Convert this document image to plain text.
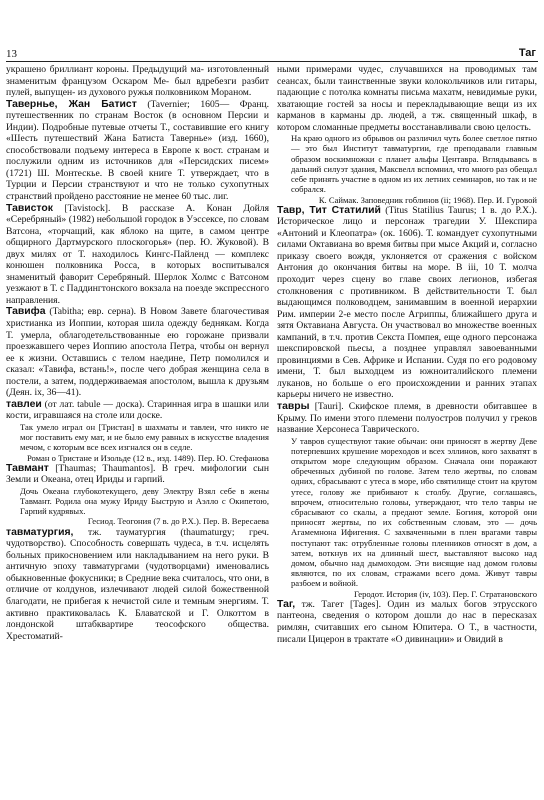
13	Таг

украшено бриллиант короны. Предыдущий ма- изготовленный знаменитым французом Оскаром Ме- был вдребезги разбит пулей, выпущен- из духового ружья полковником Мораном.

Тавернье, Жан Батист (Tavernier; 1605— Франц. путешественник по странам Восток (в основном Персии и Индии). Подробные путевые отчеты Т., составившие его книгу «Шесть путешествий Жана Батиста Тавернье» (изд. 1660), способствовали подъему интереса в Европе к вост. странам и послужили одним из источников для «Персидских писем» (1721) Ш. Монтескье. В своей книге Т. утверждает, что в Турции и Персии странствуют и что не только сухопутных странствий пройдено расстояние не менее 60 тыс. лиг.

Тависток [Tavistock]. В рассказе А. Конан Дойля «Серебряный» (1982) небольшой городок в Уэссексе, по словам Ватсона, «торчащий, как яблоко на щите, в самом центре общирного Дартмурского плоскогорья» (пер. Ю. Жуковой). В двух милях от Т. находилось Кингс-Пайленд — комплекс конюшен полковника Росса, в которых воспитывался знаменитый фаворит Серебряный. Шерлок Холмс с Ватсоном уезжают в Т. с Паддингтонского вокзала на поезде экспрессного направления.

Тавифа (Tabitha; евр. серна). В Новом Завете благочестивая христианка из Иоппии, которая шила одежду беднякам. Когда Т. умерла, облагодетельствованные ею горожане призвали проезжавшего через Иоппию апостола Петра, чтобы он вернул ее к жизни. Оставшись с телом наедине, Петр помолился и сказал: «Тавифа, встань!», после чего добрая женщина села в постели, а затем, поддерживаемая апостолом, вышла к друзьям (Деян. ix, 36—41).

тавлеи (от лат. tabule — доска). Старинная игра в шашки или кости, игравшаяся на столе или доске.

Так умело играл он [Тристан] в шахматы и тавлеи, что никто не мог поставить ему мат, и не было ему равных в искусстве владения мечом, с которым все всех изгнался он в седле.

Роман о Тристане и Изольде (12 в., изд. 1489). Пер. Ю. Стефанова

Тавмант [Thaumas; Thaumantos]. В греч. мифологии сын Земли и Океана, отец Ириды и гарпий.

Дочь Океана глубокотекущего, деву Электру Взял себе в жены Тавмант. Родила она мужу Ириду Быструю и Аэлло с Окипетою, Гарпий кудрявых.

Гесиод. Теогония (7 в. до Р.Х.). Пер. В. Вересаева

тавматургия, тж. тауматургия (thaumaturgy; греч. чудотворство). Способность совершать чудеса, в т.ч. исцелять больных прикосновением или накладыванием на него руки. В античную эпоху тавматургами (чудотворцами) именовались обыкновенные фокусники; в Средние века считалось, что они, в отличие от колдунов, излечивают людей силой божественной благодати, не прибегая к нечистой силе и темным энергиям. Т. активно практиковалась К. Блаватской и Г. Олкоттом в лондонской штабквартире теософского общества. Хрестоматий-

ными примерами чудес, случавшихся на проводимых там сеансах, были таинственные звуки колокольчиков или гитары, падающие с потолка комнаты письма махатм, невидимые руки, хватающие гостей за носы и перекладывающие вещи из их карманов в карманы др. людей, а тж. священный шкаф, в котором сломанные предметы восстанавливали свою целость.

На краю одного из обрывов он различил чуть более светлое пятно — это был Институт тавматургии, где преподавали главным образом воскимножки с планет альфы Центавра. Вглядываясь в дальний силуэт здания, Максвелл вспомнил, что много раз обещал себе принять участие в одном из их летних семинаров, но так и не собрался.

К. Саймак. Заповедник гоблинов (ii; 1968). Пер. И. Гуровой

Тавр, Тит Статилий (Titus Statilius Taurus; 1 в. до Р.Х.). Историческое лицо и персонаж трагедии У. Шекспира «Антоний и Клеопатра» (ок. 1606). Т. командует сухопутными силами Октавиана во время битвы при мысе Акций и, согласно приказу своего вождя, уклоняется от сражения с войском Антония до окончания битвы на море. В iii, 10 Т. молча проходит через сцену во главе своих легионов, избегая столкновения с противником. В действительности Т. был выдающимся полководцем, занимавшим в военной иерархии Рим. империи 2-е место после Агриппы, ближайшего друга и зятя Октавиана Августа. Он участвовал во множестве военных кампаний, в т.ч. против Секста Помпея, еще одного персонажа шекспировской пьесы, а позднее управлял завоеванными провинциями в Сев. Африке и Испании. Судя по его родовому имени, Т. был выходцем из южноиталийского племени луканов, но больше о его происхождении и ранних этапах карьеры ничего не известно.

тавры [Tauri]. Скифское племя, в древности обитавшее в Крыму. По имени этого племени полуостров получил у греков название Херсонеса Таврического.

У тавров существуют такие обычаи: они приносят в жертву Деве потерпевших крушение мореходов и всех эллинов, кого захватят в открытом море следующим образом. Сначала они поражают обреченных дубиной по голове. Затем тело жертвы, по словам одних, сбрасывают с утеса в море, ибо святилище стоит на крутом утесе, голову же прибивают к столбу. Другие, соглашаясь, впрочем, относительно головы, утверждают, что тело тавры не сбрасывают со скалы, а предают земле. Богиня, которой они приносят жертвы, по их собственным словам, это — дочь Агамемнона Ифигения. С захваченными в плен врагами тавры поступают так: отрубленные головы пленников относят в дом, а затем, воткнув их на длинный шест, выставляют высоко над домом, обычно над дымоходом. Эти висящие над домом головы являются, по их словам, стражами всего дома. Живут тавры разбоем и войной.

Геродот. История (iv, 103). Пер. Г. Стратановского

Таг, тж. Тагет [Tages]. Один из малых богов этрусского пантеона, сведения о котором дошли до нас в пересказах римлян, считавших его сыном Юпитера. О Т., в частности, писали Цицерон в трактате «О дивинации» и Овидий в
